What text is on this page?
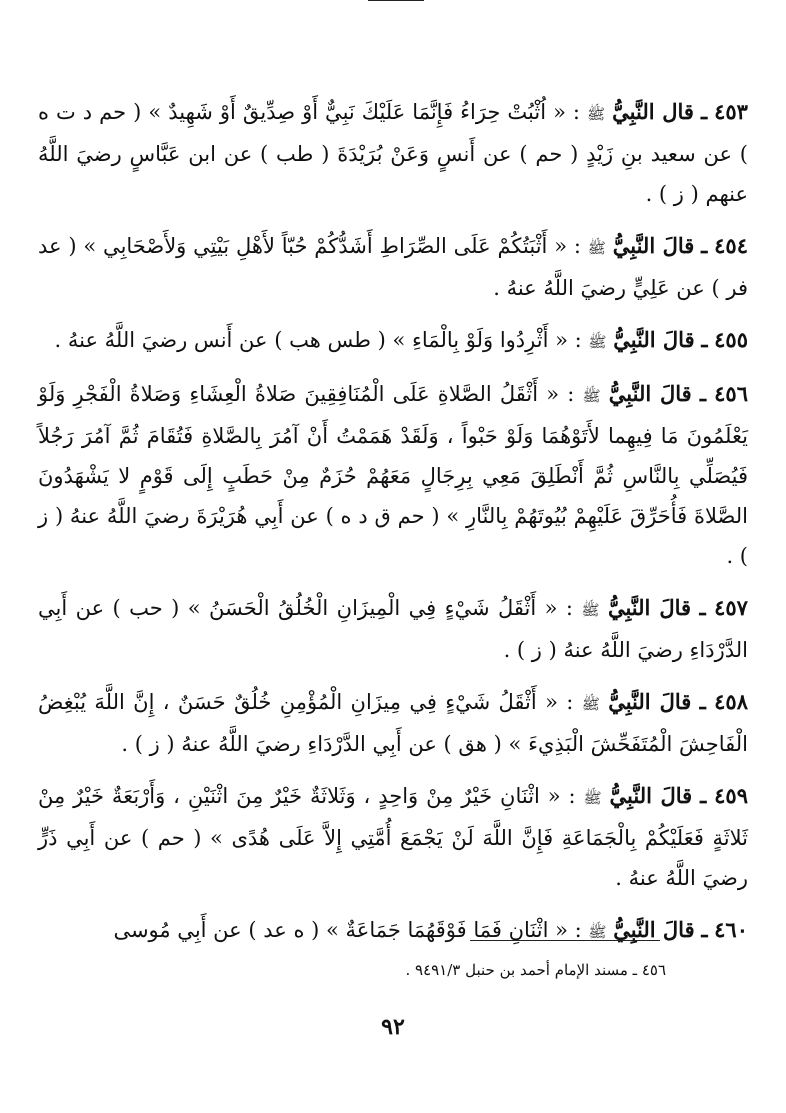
٤٥٣ ـ قال النَّبِيُّ ﷺ : « اُثْبُتْ حِرَاءُ فَإِنَّمَا عَلَيْكَ نَبِيٌّ أَوْ صِدِّيقٌ أَوْ شَهِيدٌ » ( حم د ت ه ) عن سعيد بنِ زَيْدٍ ( حم ) عن أَنسٍ وَعَنْ بُرَيْدَةَ ( طب ) عن ابن عَبَّاسٍ رضيَ اللَّهُ عنهم ( ز ) .

٤٥٤ ـ قالَ النَّبِيُّ ﷺ : « أَثْبَتُكُمْ عَلَى الصِّرَاطِ أَشَدُّكُمْ حُبّاً لأَهْلِ بَيْتِي وَلأَصْحَابِي » ( عد فر ) عن عَلِيٍّ رضيَ اللَّهُ عنهُ .

٤٥٥ ـ قالَ النَّبِيُّ ﷺ : « أَثْرِدُوا وَلَوْ بِالْمَاءِ » ( طس هب ) عن أَنس رضيَ اللَّهُ عنهُ .

٤٥٦ ـ قالَ النَّبِيُّ ﷺ : « أَثْقَلُ الصَّلاةِ عَلَى الْمُنَافِقِينَ صَلاةُ الْعِشَاءِ وَصَلاةُ الْفَجْرِ وَلَوْ يَعْلَمُونَ مَا فِيهِما لأَتَوْهُمَا وَلَوْ حَبْواً ، وَلَقَدْ هَمَمْتُ أَنْ آمُرَ بِالصَّلاةِ فَتُقَامَ ثُمَّ آمُرَ رَجُلاً فَيُصَلِّي بِالنَّاسِ ثُمَّ أَنْطَلِقَ مَعِي بِرِجَالٍ مَعَهُمْ حُزَمٌ مِنْ حَطَبٍ إِلَى قَوْمٍ لا يَشْهَدُونَ الصَّلاةَ فَأُحَرِّقَ عَلَيْهِمْ بُيُوتَهُمْ بِالنَّارِ » ( حم ق د ه ) عن أَبِي هُرَيْرَةَ رضيَ اللَّهُ عنهُ ( ز ) .

٤٥٧ ـ قالَ النَّبِيُّ ﷺ : « أَثْقَلُ شَيْءٍ فِي الْمِيزَانِ الْخُلُقُ الْحَسَنُ » ( حب ) عن أَبِي الدَّرْدَاءِ رضيَ اللَّهُ عنهُ ( ز ) .

٤٥٨ ـ قالَ النَّبِيُّ ﷺ : « أَثْقَلُ شَيْءٍ فِي مِيزَانِ الْمُؤْمِنِ خُلُقٌ حَسَنٌ ، إِنَّ اللَّهَ يُبْغِضُ الْفَاحِشَ الْمُتَفَحِّشَ الْبَذِيءَ » ( هق ) عن أَبِي الدَّرْدَاءِ رضيَ اللَّهُ عنهُ ( ز ) .

٤٥٩ ـ قالَ النَّبِيُّ ﷺ : « اثْنَانِ خَيْرٌ مِنْ وَاحِدٍ ، وَثَلاثَةٌ خَيْرٌ مِنَ اثْنَيْنِ ، وَأَرْبَعَةٌ خَيْرٌ مِنْ ثَلاثَةٍ فَعَلَيْكُمْ بِالْجَمَاعَةِ فَإِنَّ اللَّهَ لَنْ يَجْمَعَ أُمَّتِي إِلاَّ عَلَى هُدًى » ( حم ) عن أَبِي ذَرٍّ رضيَ اللَّهُ عنهُ .

٤٦٠ ـ قالَ النَّبِيُّ ﷺ : « اثْنَانِ فَمَا فَوْقَهُمَا جَمَاعَةٌ » ( ه عد ) عن أَبِي مُوسى

٤٥٦ ـ مسند الإمام أحمد بن حنبل ٩٤٩١/٣ .
٩٢
